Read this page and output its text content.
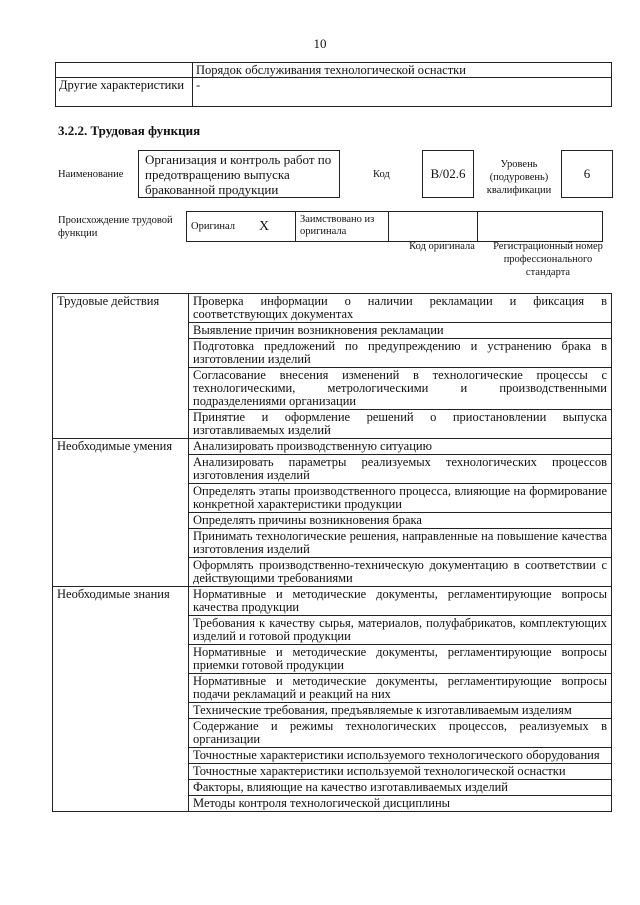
10
	Порядок обслуживания технологической оснастки
Другие характеристики	-
3.2.2. Трудовая функция
Наименование
Организация и контроль работ по предотвращению выпуска бракованной продукции
Код	B/02.6
Уровень (подуровень) квалификации
6
Происхождение трудовой функции
Оригинал	X	Заимствовано из оригинала		
Код оригинала	Регистрационный номер профессионального стандарта
Трудовые действия	Проверка информации о наличии рекламации и фиксация в соответствующих документах
	Выявление причин возникновения рекламации
	Подготовка предложений по предупреждению и устранению брака в изготовлении изделий
	Согласование внесения изменений в технологические процессы с технологическими, метрологическими и производственными подразделениями организации
	Принятие и оформление решений о приостановлении выпуска изготавливаемых изделий
Необходимые умения	Анализировать производственную ситуацию
	Анализировать параметры реализуемых технологических процессов изготовления изделий
	Определять этапы производственного процесса, влияющие на формирование конкретной характеристики продукции
	Определять причины возникновения брака
	Принимать технологические решения, направленные на повышение качества изготовления изделий
	Оформлять производственно-техническую документацию в соответствии с действующими требованиями
Необходимые знания	Нормативные и методические документы, регламентирующие вопросы качества продукции
	Требования к качеству сырья, материалов, полуфабрикатов, комплектующих изделий и готовой продукции
	Нормативные и методические документы, регламентирующие вопросы приемки готовой продукции
	Нормативные и методические документы, регламентирующие вопросы подачи рекламаций и реакций на них
	Технические требования, предъявляемые к изготавливаемым изделиям
	Содержание и режимы технологических процессов, реализуемых в организации
	Точностные характеристики используемого технологического оборудования
	Точностные характеристики используемой технологической оснастки
	Факторы, влияющие на качество изготавливаемых изделий
	Методы контроля технологической дисциплины
